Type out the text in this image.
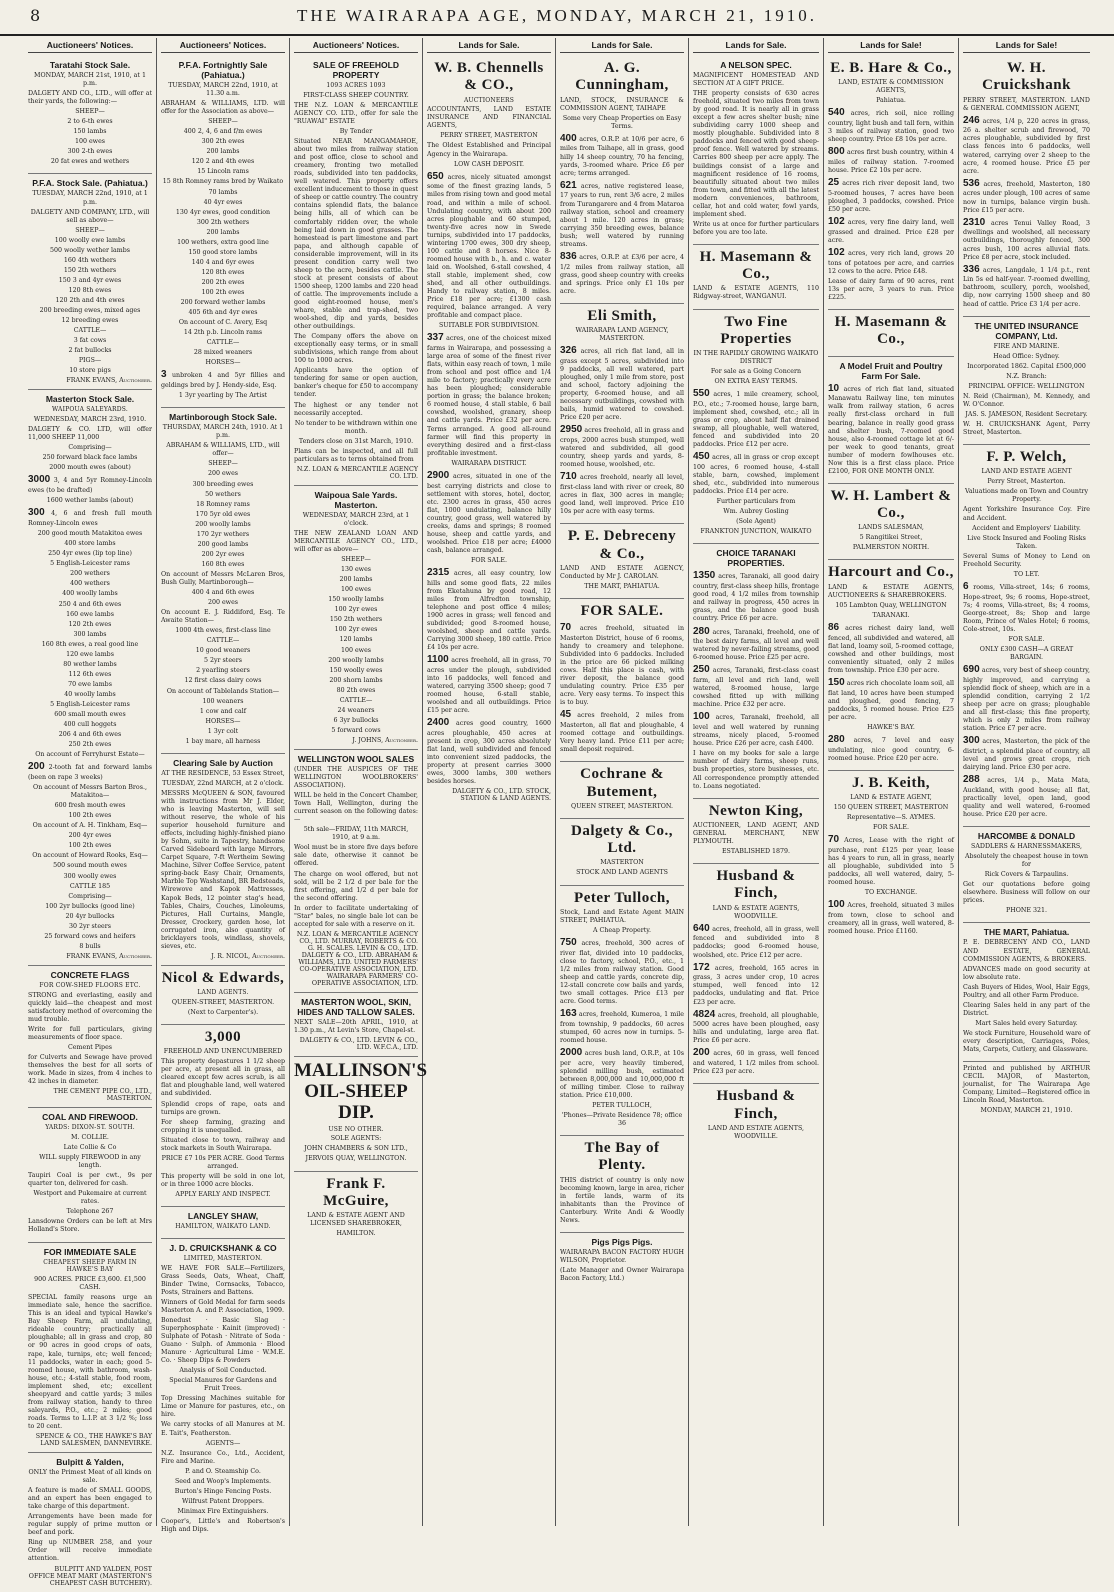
8	THE WAIRARAPA AGE, MONDAY, MARCH 21, 1910.
Auctioneers' Notices.
Taratahi Stock Sale.
MONDAY, MARCH 21st, 1910, at 1 p.m.
DALGETY AND CO., LTD., will offer at their yards, the following:—
SHEEP—
2 to 6-th ewes
150 lambs
100 ewes
300 2-th ewes
20 fat ewes and wethers
P.F.A. Stock Sale. (Pahiatua.)
TUESDAY, MARCH 22nd, 1910, at 1 p.m.
DALGETY AND COMPANY, LTD., will sell as above—
SHEEP—
100 woolly ewe lambs
500 woolly wether lambs
160 4th wethers
150 2th wethers
150 3 and 4yr ewes
120 8th ewes
120 2th and 4th ewes
200 breeding ewes, mixed ages
12 breeding ewes
CATTLE—
3 fat cows
2 fat bullocks
PIGS—
10 store pigs
FRANK EVANS, Auctioneer.
Masterton Stock Sale.
WAIPOUA SALEYARDS.
WEDNESDAY, MARCH 23rd, 1910.
DALGETY & CO. LTD, will offer 11,000 SHEEP 11,000
Comprising—
250 forward black face lambs
2000 mouth ewes (about)
3000 3, 4 and 5yr Romney-Lincoln ewes (to be drafted)
1600 wether lambs (about)
300 4, 6 and fresh full mouth Romney-Lincoln ewes
200 good mouth Matakitoa ewes
400 store lambs
250 4yr ewes (lip top line)
5 English-Leicester rams
200 wethers
400 wethers
400 woolly lambs
250 4 and 6th ewes
160 ewe lambs
120 2th ewes
300 lambs
160 8th ewes, a real good line
120 ewe lambs
80 wether lambs
112 6th ewes
70 ewe lambs
40 woolly lambs
5 English-Leicester rams
600 small mouth ewes
400 cull hoggets
206 4 and 6th ewes
250 2th ewes
On account of Ferryhurst Estate—
200 2-tooth fat and forward lambs (been on rape 3 weeks)
On account of Messrs Barton Bros., Matakitoa—
600 fresh mouth ewes
100 2th ewes
On account of A. H. Tinkham, Esq—
200 4yr ewes
100 2th ewes
On account of Howard Rooks, Esq—
500 sound mouth ewes
300 woolly ewes
CATTLE 185
Comprising—
100 2yr bullocks (good line)
20 4yr bullocks
30 2yr steers
25 forward cows and heifers
8 bulls
FRANK EVANS, Auctioneer.
CONCRETE FLAGS
FOR COW-SHED FLOORS ETC.
STRONG and everlasting, easily and quickly laid—the cheapest and most satisfactory method of overcoming the mud trouble.
Write for full particulars, giving measurements of floor space.
Cement Pipes
for Culverts and Sewage have proved themselves the best for all sorts of work. Made in sizes, from 4 inches to 42 inches in diameter.
THE CEMENT PIPE CO., LTD., MASTERTON.
COAL AND FIREWOOD.
YARDS: DIXON-ST. SOUTH.
M. COLLIE.
Late Collie & Co
WILL supply FIREWOOD in any length.
Taupiri Coal is per cwt., 9s per quarter ton, delivered for cash.
Westport and Pukemaire at current rates.
Telephone 267
Lansdowne Orders can be left at Mrs Holland's Store.
FOR IMMEDIATE SALE
CHEAPEST SHEEP FARM IN HAWKE'S BAY
900 ACRES. PRICE £3,600. £1,500 CASH.
SPECIAL family reasons urge an immediate sale, hence the sacrifice. This is an ideal and typical Hawke's Bay Sheep Farm, all undulating, rideable country; practically all ploughable; all in grass and crop, 80 or 90 acres in good crops of oats, rape, kale, turnips, etc; well fenced; 11 paddocks, water in each; good 5-roomed house, with bathroom, wash-house, etc.; 4-stall stable, food room, implement shed, etc; excellent sheepyard and cattle yards; 3 miles from railway station, handy to three saleyards, P.O., etc.; 2 miles; good roads. Terms to L.I.P. at 3 1/2 %; loss to 20 cent.
SPENCE & CO., THE HAWKE'S BAY LAND SALESMEN, DANNEVIRKE.
Bulpitt & Yalden,
ONLY the Primest Meat of all kinds on sale.
A feature is made of SMALL GOODS, and an expert has been engaged to take charge of this department.
Arrangements have been made for regular supply of prime mutton or beef and pork.
Ring up NUMBER 258, and your Order will receive immediate attention.
BULPITT AND YALDEN, POST OFFICE MEAT MART (MASTERTON'S CHEAPEST CASH BUTCHERY).
Auctioneers' Notices.
P.F.A. Fortnightly Sale (Pahiatua.)
TUESDAY, MARCH 22nd, 1910, at 11.30 a.m.
ABRAHAM & WILLIAMS, LTD. will offer for the Association as above—
SHEEP—
400 2, 4, 6 and f/m ewes
300 2th ewes
200 lambs
120 2 and 4th ewes
15 Lincoln rams
15 8th Romney rams bred by Waikato
70 lambs
40 4yr ewes
130 4yr ewes, good condition
300 2th wethers
200 lambs
100 wethers, extra good line
150 good store lambs
140 4 and 6yr ewes
120 8th ewes
200 2th ewes
100 2th ewes
200 forward wether lambs
405 6th and 4yr ewes
On account of C. Avery, Esq
14 2th p.b. Lincoln rams
CATTLE—
28 mixed weaners
HORSES—
3 unbroken 4 and 5yr fillies and geldings bred by J. Hendy-side, Esq.
1 3yr yearling by The Artist
Martinborough Stock Sale.
THURSDAY, MARCH 24th, 1910. At 1 p.m.
ABRAHAM & WILLIAMS, LTD., will offer—
SHEEP—
200 ewes
300 breeding ewes
50 wethers
18 Romney rams
170 5yr old ewes
200 woolly lambs
170 2yr wethers
200 good lambs
200 2yr ewes
160 8th ewes
On account of Messrs McLaren Bros, Bush Gully, Martinborough—
400 4 and 6th ewes
200 ewes
On account E. J. Riddiford, Esq. Te Awaite Station—
1000 4th ewes, first-class line
CATTLE—
10 good weaners
5 2yr steers
2 yearling steers
12 first class dairy cows
On account of Tablelands Station—
100 weaners
1 cow and calf
HORSES—
1 3yr colt
1 bay mare, all harness
Clearing Sale by Auction
AT THE RESIDENCE, 53 Essex Street,
TUESDAY, 22nd MARCH, at 2 o'clock.
MESSRS McQUEEN & SON, favoured with instructions from Mr J. Elder, who is leaving Masterton, will sell without reserve, the whole of his superior household furniture and effects, including highly-finished piano by Sohm, suite in Tapestry, handsome Carved Sideboard with large Mirrors, Carpet Square, 7-ft Wertheim Sewing Machine, Silver Coffee Service, patent spring-back Easy Chair, Ornaments, Marble Top Washstand, BR Bedsteads, Wirewove and Kapok Mattresses, Kapok Beds, 12 pointer stag's head, Tables, Chairs, Couches, Linoleums, Pictures, Hall Curtains, Mangle, Dresser, Crockery, garden hose, lot corrugated iron, also quantity of bricklayers tools, windlass, shovels, sieves, etc.
J. R. NICOL, Auctioneer.
Nicol & Edwards,
LAND AGENTS.
QUEEN-STREET, MASTERTON.
(Next to Carpenter's).
3,000
FREEHOLD AND UNENCUMBERED
This property depastures 1 1/2 sheep per acre, at present all in grass, all cleared except few acres scrub, is all flat and ploughable land, well watered and subdivided.
Splendid crops of rape, oats and turnips are grown.
For sheep farming, grazing and cropping it is unequalled.
Situated close to town, railway and stock markets in South Wairarapa.
PRICE £7 10s PER ACRE. Good Terms arranged.
This property will be sold in one lot, or in three 1000 acre blocks.
APPLY EARLY AND INSPECT.
LANGLEY SHAW,
HAMILTON, WAIKATO LAND.
J. D. CRUICKSHANK & CO
LIMITED, MASTERTON.
WE HAVE FOR SALE—Fertilizers, Grass Seeds, Oats, Wheat, Chaff, Binder Twine, Cornsacks, Tobacco, Posts, Strainers and Battens.
Winners of Gold Medal for farm seeds Masterton A. and P. Association, 1909.
Bonedust · Basic Slag · Superphosphate · Kainit (improved) · Sulphate of Potash · Nitrate of Soda · Guano · Sulph. of Ammonia · Blood Manure · Agricultural Lime · W.M.E. Co. · Sheep Dips & Powders
Analysis of Soil Conducted.
Special Manures for Gardens and Fruit Trees.
Top Dressing Machines suitable for Lime or Manure for pastures, etc., on hire.
We carry stocks of all Manures at M. E. Tait's, Featherston.
AGENTS—
N.Z. Insurance Co., Ltd., Accident, Fire and Marine.
P. and O. Steamship Co.
Seed and Woop's Implements.
Burton's Hinge Fencing Posts.
Wilfrust Patent Droppers.
Minimax Fire Extinguishers.
Cooper's, Little's and Robertson's High and Dips.
Auctioneers' Notices.
SALE OF FREEHOLD PROPERTY
1093 ACRES 1093
FIRST-CLASS SHEEP COUNTRY.
THE N.Z. LOAN & MERCANTILE AGENCY CO. LTD., offer for sale the "RUAWAI" ESTATE
By Tender
Situated NEAR MANGAMAHOE, about two miles from railway station and post office, close to school and creamery, fronting two metalled roads, subdivided into ten paddocks, well watered. This property offers excellent inducement to those in quest of sheep or cattle country. The country contains splendid flats, the balance being hills, all of which can be comfortably ridden over, the whole being laid down in good grasses. The homestead is part limestone and part papa, and although capable of considerable improvement, will in its present condition carry well two sheep to the acre, besides cattle. The stock at present consists of about 1500 sheep, 1200 lambs and 220 head of cattle. The improvements include a good eight-roomed house, men's whare, stable and trap-shed, two wool-shed, dip and yards, besides other outbuildings.
The Company offers the above on exceptionally easy terms, or in small subdivisions, which range from about 100 to 1000 acres.
Applicants have the option of tendering for same or open auction, banker's cheque for £50 to accompany tender.
The highest or any tender not necessarily accepted.
No tender to be withdrawn within one month.
Tenders close on 31st March, 1910.
Plans can be inspected, and all full particulars as to terms obtained from
N.Z. LOAN & MERCANTILE AGENCY CO. LTD.
Waipoua Sale Yards. Masterton.
WEDNESDAY, MARCH 23rd, at 1 o'clock.
THE NEW ZEALAND LOAN AND MERCANTILE AGENCY CO., LTD., will offer as above—
SHEEP—
130 ewes
200 lambs
100 ewes
150 woolly lambs
100 2yr ewes
150 2th wethers
100 2yr ewes
120 lambs
100 ewes
200 woolly lambs
150 woolly ewes
200 shorn lambs
80 2th ewes
CATTLE—
24 weaners
6 3yr bullocks
5 forward cows
J. JOHNS, Auctioneer.
WELLINGTON WOOL SALES
(UNDER THE AUSPICES OF THE WELLINGTON WOOLBROKERS' ASSOCIATION).
WILL be held in the Concert Chamber, Town Hall, Wellington, during the current season on the following dates:—
5th sale—FRIDAY, 11th MARCH, 1910, at 9 a.m.
Wool must be in store five days before sale date, otherwise it cannot be offered.
The charge on wool offered, but not sold, will be 2 1/2 d per bale for the first offering, and 1/2 d per bale for the second offering.
In order to facilitate undertaking of "Star" bales, no single bale lot can be accepted for sale with a reserve on it.
N.Z. LOAN & MERCANTILE AGENCY CO., LTD. MURRAY, ROBERTS & CO. G. H. SCALES. LEVIN & CO., LTD. DALGETY & CO., LTD. ABRAHAM & WILLIAMS, LTD. UNITED FARMERS' CO-OPERATIVE ASSOCIATION, LTD. WAIRARAPA FARMERS' CO-OPERATIVE ASSOCIATION, LTD.
MASTERTON WOOL, SKIN, HIDES AND TALLOW SALES.
NEXT SALE—20th APRIL, 1910, at 1.30 p.m., At Levin's Store, Chapel-st.
DALGETY & CO., LTD. LEVIN & CO., LTD. W.F.C.A., LTD.
MALLINSON'S OIL-SHEEP DIP.
USE NO OTHER.
SOLE AGENTS:
JOHN CHAMBERS & SON LTD.,
JERVOIS QUAY, WELLINGTON.
Frank F. McGuire,
LAND & ESTATE AGENT AND LICENSED SHAREBROKER,
HAMILTON.
Lands for Sale.
W. B. Chennells & CO.,
AUCTIONEERS
ACCOUNTANTS, LAND ESTATE INSURANCE AND FINANCIAL AGENTS,
PERRY STREET, MASTERTON
The Oldest Established and Principal Agency in the Wairarapa.
LOW CASH DEPOSIT.
650 acres, nicely situated amongst some of the finest grazing lands, 5 miles from rising town and good metal road, and within a mile of school. Undulating country, with about 200 acres ploughable and 60 stumped, twenty-five acres now in Swede turnips, subdivided into 17 paddocks, wintering 1700 ewes, 300 dry sheep, 100 cattle and 8 horses. Nice 8-roomed house with b., h. and c. water laid on. Woolshed, 6-stall cowshed, 4 stall stable, implement shed, cow shed, and all other outbuildings. Handy to railway station, 8 miles. Price £18 per acre; £1300 cash required, balance arranged. A very profitable and compact place.
SUITABLE FOR SUBDIVISION.
337 acres, one of the choicest mixed farms in Wairarapa, and possessing a large area of some of the finest river flats, within easy reach of town, 1 mile from school and post office and 1/4 mile to factory; practically every acre has been ploughed; considerable portion in grass; the balance broken; 6 roomed house, 4 stall stable, 6 bail cowshed, woolshed, granary, sheep and cattle yards. Price £32 per acre. Terms arranged. A good all-round farmer will find this property in everything desired and a first-class profitable investment.
WAIRARAPA DISTRICT.
2900 acres, situated in one of the best carrying districts and close to settlement with stores, hotel, doctor, etc. 2300 acres in grass, 450 acres flat, 1000 undulating, balance hilly country, good grass, well watered by creeks, dams and springs; 8 roomed house, sheep and cattle yards, and woolshed. Price £18 per acre; £4000 cash, balance arranged.
FOR SALE.
2315 acres, all easy country, low hills and some good flats, 22 miles from Eketahuna by good road, 12 miles from Alfredton township, telephone and post office 4 miles; 1900 acres in grass; well fenced and subdivided; good 8-roomed house, woolshed, sheep and cattle yards. Carrying 3000 sheep, 180 cattle. Price £4 10s per acre.
1100 acres freehold, all in grass, 70 acres under the plough, subdivided into 16 paddocks, well fenced and watered, carrying 3500 sheep; good 7 roomed house, 6-stall stable, woolshed and all outbuildings. Price £15 per acre.
2400 acres good country, 1600 acres ploughable, 450 acres at present in crop, 300 acres absolutely flat land, well subdivided and fenced into convenient sized paddocks, the property at present carries 3000 ewes, 3000 lambs, 300 wethers besides horses.
DALGETY & CO., LTD. STOCK, STATION & LAND AGENTS.
Lands for Sale.
A. G. Cunningham,
LAND, STOCK, INSURANCE & COMMISSION AGENT, TAIHAPE
Some very Cheap Properties on Easy Terms.
400 acres, O.R.P. at 10/6 per acre, 6 miles from Taihape, all in grass, good hilly 14 sheep country, 70 ha fencing, yards, 3-roomed whare. Price £6 per acre; terms arranged.
621 acres, native registered lease, 17 years to run, rent 3/6 acre, 2 miles from Turangarere and 4 from Mataroa railway station, school and creamery about 1 mile. 120 acres in grass; carrying 350 breeding ewes, balance bush; well watered by running streams.
836 acres, O.R.P. at £3/6 per acre, 4 1/2 miles from railway station, all grass, good sheep country with creeks and springs. Price only £1 10s per acre.
Eli Smith,
WAIRARAPA LAND AGENCY, MASTERTON.
326 acres, all rich flat land, all in grass except 5 acres, subdivided into 9 paddocks, all well watered, part ploughed, only 1 mile from store, post and school, factory adjoining the property, 6-roomed house, and all necessary outbuildings, cowshed with bails, humid watered to cowshed. Price £20 per acre.
2950 acres freehold, all in grass and crops, 2000 acres bush stumped, well watered and subdivided, all good country, sheep yards and yards, 8-roomed house, woolshed, etc.
710 acres freehold, nearly all level, first-class land with river or creek, 80 acres in flax, 300 acres in mangle; good land, well improved. Price £10 10s per acre with easy terms.
P. E. Debreceny & Co.,
LAND AND ESTATE AGENCY, Conducted by Mr J. CAROLAN.
THE MART, PAHIATUA.
FOR SALE.
70 acres freehold, situated in Masterton District, house of 6 rooms, handy to creamery and telephone. Subdivided into 6 paddocks. Included in the price are 66 picked milking cows. Half this place is cash, with river deposit, the balance good undulating country. Price £35 per acre. Very easy terms. To inspect this is to buy.
45 acres freehold, 2 miles from Masterton, all flat and ploughable, 4 roomed cottage and outbuildings. Very heavy land. Price £11 per acre; small deposit required.
Cochrane & Butement,
QUEEN STREET, MASTERTON.
Dalgety & Co., Ltd.
MASTERTON
STOCK AND LAND AGENTS
Peter Tulloch,
Stock, Land and Estate Agent MAIN STREET, PAHIATUA.
A Cheap Property.
750 acres, freehold, 300 acres of river flat, divided into 10 paddocks, close to factory, school, P.O., etc., 1 1/2 miles from railway station. Good sheep and cattle yards, concrete dip, 12-stall concrete cow bails and yards, two small cottages. Price £13 per acre. Good terms.
163 acres, freehold, Kumeroa, 1 mile from township, 9 paddocks, 60 acres stumped, 60 acres now in turnips. 5-roomed house.
2000 acres bush land, O.R.P., at 10s per acre, very heavily timbered, splendid milling bush, estimated between 8,000,000 and 10,000,000 ft of milling timber. Close to railway station. Price £10,000.
PETER TULLOCH,
'Phones—Private Residence 78; office 36
The Bay of Plenty.
THIS district of country is only now becoming known, large in area, richer in fertile lands, warm of its inhabitants than the Province of Canterbury. Write Andi & Woodly News.
Pigs Pigs Pigs.
WAIRARAPA BACON FACTORY HUGH WILSON, Proprietor.
(Late Manager and Owner Wairarapa Bacon Factory, Ltd.)
Lands for Sale.
A NELSON SPEC.
MAGNIFICENT HOMESTEAD AND SECTION AT A GIFT PRICE.
THE property consists of 630 acres freehold, situated two miles from town by good road. It is nearly all in grass except a few acres shelter bush; nine subdividing carry 1000 sheep and mostly ploughable. Subdivided into 8 paddocks and fenced with good sheep-proof fence. Well watered by streams. Carries 800 sheep per acre apply. The buildings consist of a large and magnificent residence of 16 rooms, beautifully situated about two miles from town, and fitted with all the latest modern conveniences, bathroom, cellar, hot and cold water, fowl yards, implement shed.
Write us at once for further particulars before you are too late.
H. Masemann & Co.,
LAND & ESTATE AGENTS, 110 Ridgway-street, WANGANUI.
Two Fine Properties
IN THE RAPIDLY GROWING WAIKATO DISTRICT
For sale as a Going Concern
ON EXTRA EASY TERMS.
550 acres, 1 mile creamery, school, P.O., etc.; 7-roomed house, large barn, implement shed, cowshed, etc.; all in grass or crop, about half flat drained swamp, all ploughable, well watered, fenced and subdivided into 20 paddocks. Price £12 per acre.
450 acres, all in grass or crop except 100 acres, 6 roomed house, 4-stall stable, barn, cowshed, implement shed, etc., subdivided into numerous paddocks. Price £14 per acre.
Further particulars from
Wm. Aubrey Gosling
(Sole Agent)
FRANKTON JUNCTION, WAIKATO
CHOICE TARANAKI PROPERTIES.
1350 acres, Taranaki, all good dairy country, first-class sheep hills, frontage good road, 4 1/2 miles from township and railway in progress, 450 acres in grass, and the balance good bush country. Price £6 per acre.
280 acres, Taranaki, freehold, one of the best dairy farms, all level and well watered by never-failing streams, good 6-roomed house. Price £25 per acre.
250 acres, Taranaki, first-class coast farm, all level and rich land, well watered, 8-roomed house, large cowshed fitted up with milking machine. Price £32 per acre.
100 acres, Taranaki, freehold, all level and well watered by running streams, nicely placed, 5-roomed house. Price £26 per acre, cash £400.
I have on my books for sale a large number of dairy farms, sheep runs, bush properties, store businesses, etc. All correspondence promptly attended to. Loans negotiated.
Newton King,
AUCTIONEER, LAND AGENT, AND GENERAL MERCHANT, NEW PLYMOUTH.
ESTABLISHED 1879.
Husband & Finch,
LAND & ESTATE AGENTS, WOODVILLE.
640 acres, freehold, all in grass, well fenced and subdivided into 8 paddocks; good 6-roomed house, woolshed, etc. Price £12 per acre.
172 acres, freehold, 165 acres in grass, 3 acres under crop, 10 acres stumped, well fenced into 12 paddocks, undulating and flat. Price £23 per acre.
4824 acres, freehold, all ploughable, 5000 acres have been ploughed, easy hills and undulating, large area flat. Price £6 per acre.
200 acres, 60 in grass, well fenced and watered, 1 1/2 miles from school. Price £23 per acre.
Husband & Finch,
LAND AND ESTATE AGENTS, WOODVILLE.
Lands for Sale!
E. B. Hare & Co.,
LAND, ESTATE & COMMISSION AGENTS,
Pahiatua.
540 acres, rich soil, nice rolling country, light bush and tall fern, within 3 miles of railway station, good two sheep country. Price £8 10s per acre.
800 acres first bush country, within 4 miles of railway station. 7-roomed house. Price £2 10s per acre.
25 acres rich river deposit land, two 5-roomed houses, 7 acres have been ploughed, 3 paddocks, cowshed. Price £50 per acre.
102 acres, very fine dairy land, well grassed and drained. Price £28 per acre.
102 acres, very rich land, grows 20 tons of potatoes per acre, and carries 12 cows to the acre. Price £48.
Lease of dairy farm of 90 acres, rent 13s per acre, 3 years to run. Price £225.
H. Masemann & Co.,
A Model Fruit and Poultry Farm For Sale.
10 acres of rich flat land, situated Manawatu Railway line, ten minutes walk from railway station, 6 acres really first-class orchard in full bearing, balance in really good grass and shelter bush, 7-roomed good house, also 4-roomed cottage let at 6/- per week to good tenants, great number of modern fowlhouses etc. Now this is a first class place. Price £2100, FOR ONE MONTH ONLY.
W. H. Lambert & Co.,
LANDS SALESMAN,
5 Rangitikei Street,
PALMERSTON NORTH.
Harcourt and Co.,
LAND & ESTATE AGENTS, AUCTIONEERS & SHAREBROKERS.
105 Lambton Quay, WELLINGTON
TARANAKI.
86 acres richest dairy land, well fenced, all subdivided and watered, all flat land, loamy soil, 5-roomed cottage, cowshed and other buildings, most conveniently situated, only 2 miles from township. Price £30 per acre.
150 acres rich chocolate loam soil, all flat land, 10 acres have been stumped and ploughed, good fencing, 7 paddocks, 5 roomed house. Price £25 per acre.
HAWKE'S BAY.
280 acres, 7 level and easy undulating, nice good country, 6-roomed house. Price £20 per acre.
J. B. Keith,
LAND & ESTATE AGENT,
150 QUEEN STREET, MASTERTON
Representative—S. AYMES.
FOR SALE.
70 Acres, Lease with the right of purchase, rent £125 per year, lease has 4 years to run, all in grass, nearly all ploughable, subdivided into 5 paddocks, all well watered, dairy, 5-roomed house.
TO EXCHANGE.
100 Acres, freehold, situated 3 miles from town, close to school and creamery, all in grass, well watered, 8-roomed house. Price £1160.
Lands for Sale!
W. H. Cruickshank
PERRY STREET, MASTERTON. LAND & GENERAL COMMISSION AGENT,
246 acres, 1/4 p, 220 acres in grass, 26 a. shelter scrub and firewood, 70 acres ploughable, subdivided by first class fences into 6 paddocks, well watered, carrying over 2 sheep to the acre, 4 roomed house. Price £5 per acre.
536 acres, freehold, Masterton, 180 acres under plough, 100 acres of same now in turnips, balance virgin bush. Price £15 per acre.
2310 acres Tenui Valley Road, 3 dwellings and woolshed, all necessary outbuildings, thoroughly fenced, 300 acres bush, 100 acres alluvial flats. Price £8 per acre, stock included.
336 acres, Langdale, 1 1/4 p.t., rent Lin 5s ed half-year. 7-roomed dwelling, bathroom, scullery, porch, woolshed, dip, now carrying 1500 sheep and 80 head of cattle. Price £3 1/4 per acre.
THE UNITED INSURANCE COMPANY, Ltd.
FIRE AND MARINE.
Head Office: Sydney.
Incorporated 1862. Capital £500,000
N.Z. Branch:
PRINCIPAL OFFICE: WELLINGTON
N. Reid (Chairman), M. Kennedy, and W. O'Connor.
JAS. S. JAMESON, Resident Secretary.
W. H. CRUICKSHANK Agent, Perry Street, Masterton.
F. P. Welch,
LAND AND ESTATE AGENT
Perry Street, Masterton.
Valuations made on Town and Country Property.
Agent Yorkshire Insurance Coy. Fire and Accident.
Accident and Employers' Liability.
Live Stock Insured and Fooling Risks Taken.
Several Sums of Money to Lend on Freehold Security.
TO LET.
6 rooms, Villa-street, 14s; 6 rooms, Hope-street, 9s; 6 rooms, Hope-street, 7s; 4 rooms, Villa-street, 8s; 4 rooms, George-street, 8s; Shop and large Room, Prince of Wales Hotel; 6 rooms, Cole-street, 10s.
FOR SALE.
ONLY £300 CASH—A GREAT BARGAIN.
690 acres, very best of sheep country, highly improved, and carrying a splendid flock of sheep, which are in a splendid condition, carrying 2 1/2 sheep per acre on grass; ploughable and all first-class; this fine property, which is only 2 miles from railway station. Price £7 per acre.
300 acres, Masterton, the pick of the district, a splendid place of country, all level and grows great crops, rich dairying land. Price £30 per acre.
288 acres, 1/4 p., Mata Mata, Auckland, with good house; all flat, practically level, open land, good quality and well watered, 6-roomed house. Price £20 per acre.
HARCOMBE & DONALD
SADDLERS & HARNESSMAKERS,
Absolutely the cheapest house in town for
Rick Covers & Tarpaulins.
Get our quotations before going elsewhere. Business will follow on our prices.
PHONE 321.
THE MART, Pahiatua.
P. E. DEBRECENY AND CO., LAND AND ESTATE, GENERAL COMMISSION AGENTS, & BROKERS.
ADVANCES made on good security at low absolute rate.
Cash Buyers of Hides, Wool, Hair Eggs, Poultry, and all other Farm Produce.
Clearing Sales held in any part of the District.
Mart Sales held every Saturday.
We stock Furniture, Household ware of every description, Carriages, Poles, Mats, Carpets, Cutlery, and Glassware.
Printed and published by ARTHUR CECIL MAJOR, of Masterton, journalist, for The Wairarapa Age Company, Limited—Registered office in Lincoln Road, Masterton.
MONDAY, MARCH 21, 1910.
